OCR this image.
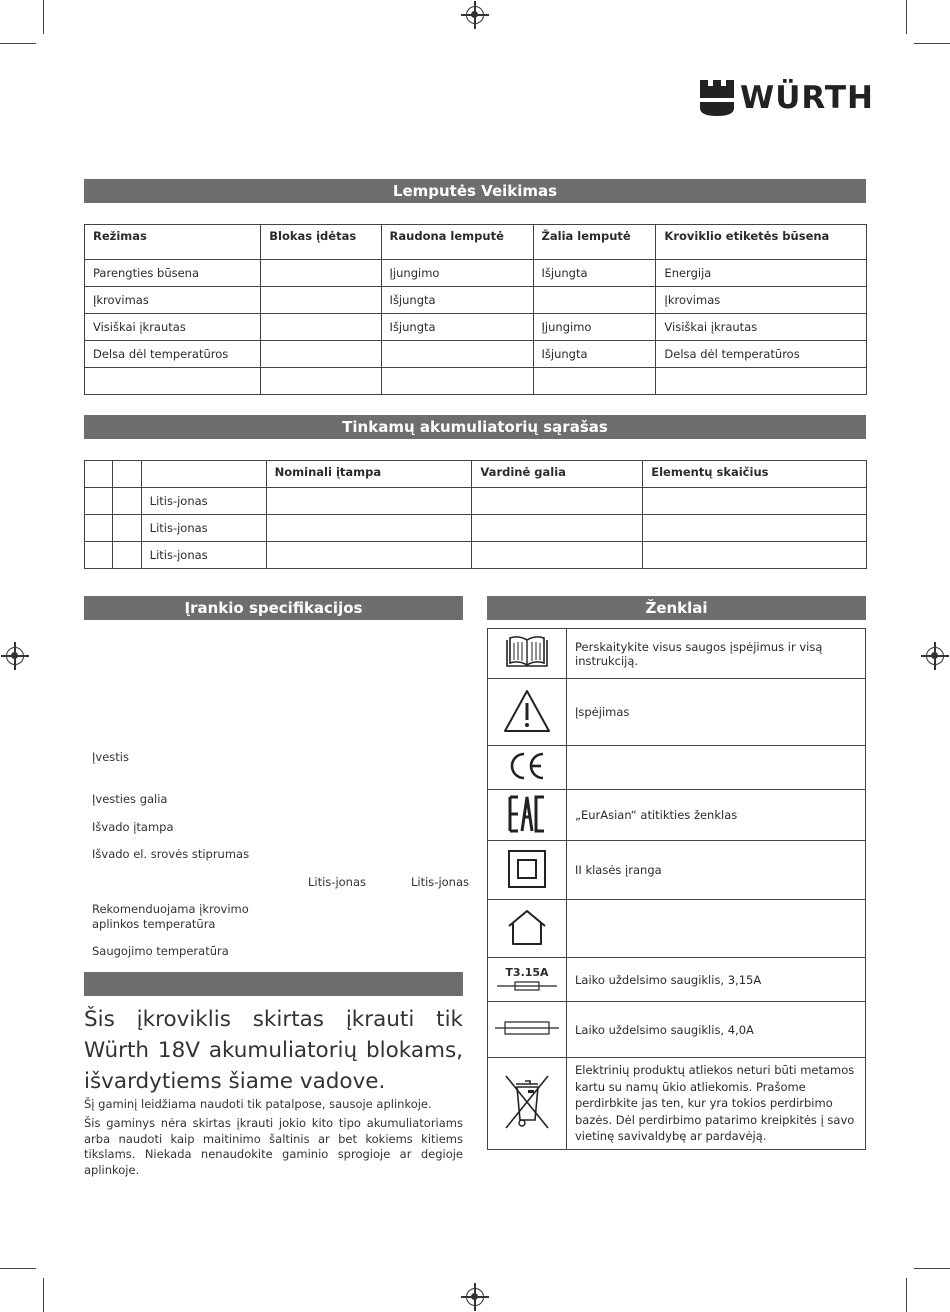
WÜRTH
Lemputės Veikimas
Režimas	Blokas įdėtas	Raudona lemputė	Žalia lemputė	Kroviklio etiketės būsena
Parengties būsena		Įjungimo	Išjungta	Energija
Įkrovimas		Išjungta		Įkrovimas
Visiškai įkrautas		Išjungta	Įjungimo	Visiškai įkrautas
Delsa dėl temperatūros			Išjungta	Delsa dėl temperatūros

Tinkamų akumuliatorių sąrašas
			Nominali įtampa	Vardinė galia	Elementų skaičius
		Litis-jonas			
		Litis-jonas			
		Litis-jonas			
Įrankio specifikacijos
Įvestis
Įvesties galia
Išvado įtampa
Išvado el. srovės stiprumas
Litis-jonas	Litis-jonas
Rekomenduojama įkrovimo aplinkos temperatūra
Saugojimo temperatūra
Šis įkroviklis skirtas įkrauti tik Würth 18V akumuliatorių blokams, išvardytiems šiame vadove.
Šį gaminį leidžiama naudoti tik patalpose, sausoje aplinkoje.
Šis gaminys nėra skirtas įkrauti jokio kito tipo akumuliatoriams arba naudoti kaip maitinimo šaltinis ar bet kokiems kitiems tikslams. Niekada nenaudokite gaminio sprogioje ar degioje aplinkoje.
Ženklai
	Perskaitykite visus saugos įspėjimus ir visą instrukciją.
	Įspėjimas

	„EurAsian“ atitikties ženklas
	II klasės įranga

T3.15A	Laiko uždelsimo saugiklis, 3,15A
	Laiko uždelsimo saugiklis, 4,0A
	Elektrinių produktų atliekos neturi būti metamos kartu su namų ūkio atliekomis. Prašome perdirbkite jas ten, kur yra tokios perdirbimo bazės. Dėl perdirbimo patarimo kreipkitės į savo vietinę savivaldybę ar pardavėją.
